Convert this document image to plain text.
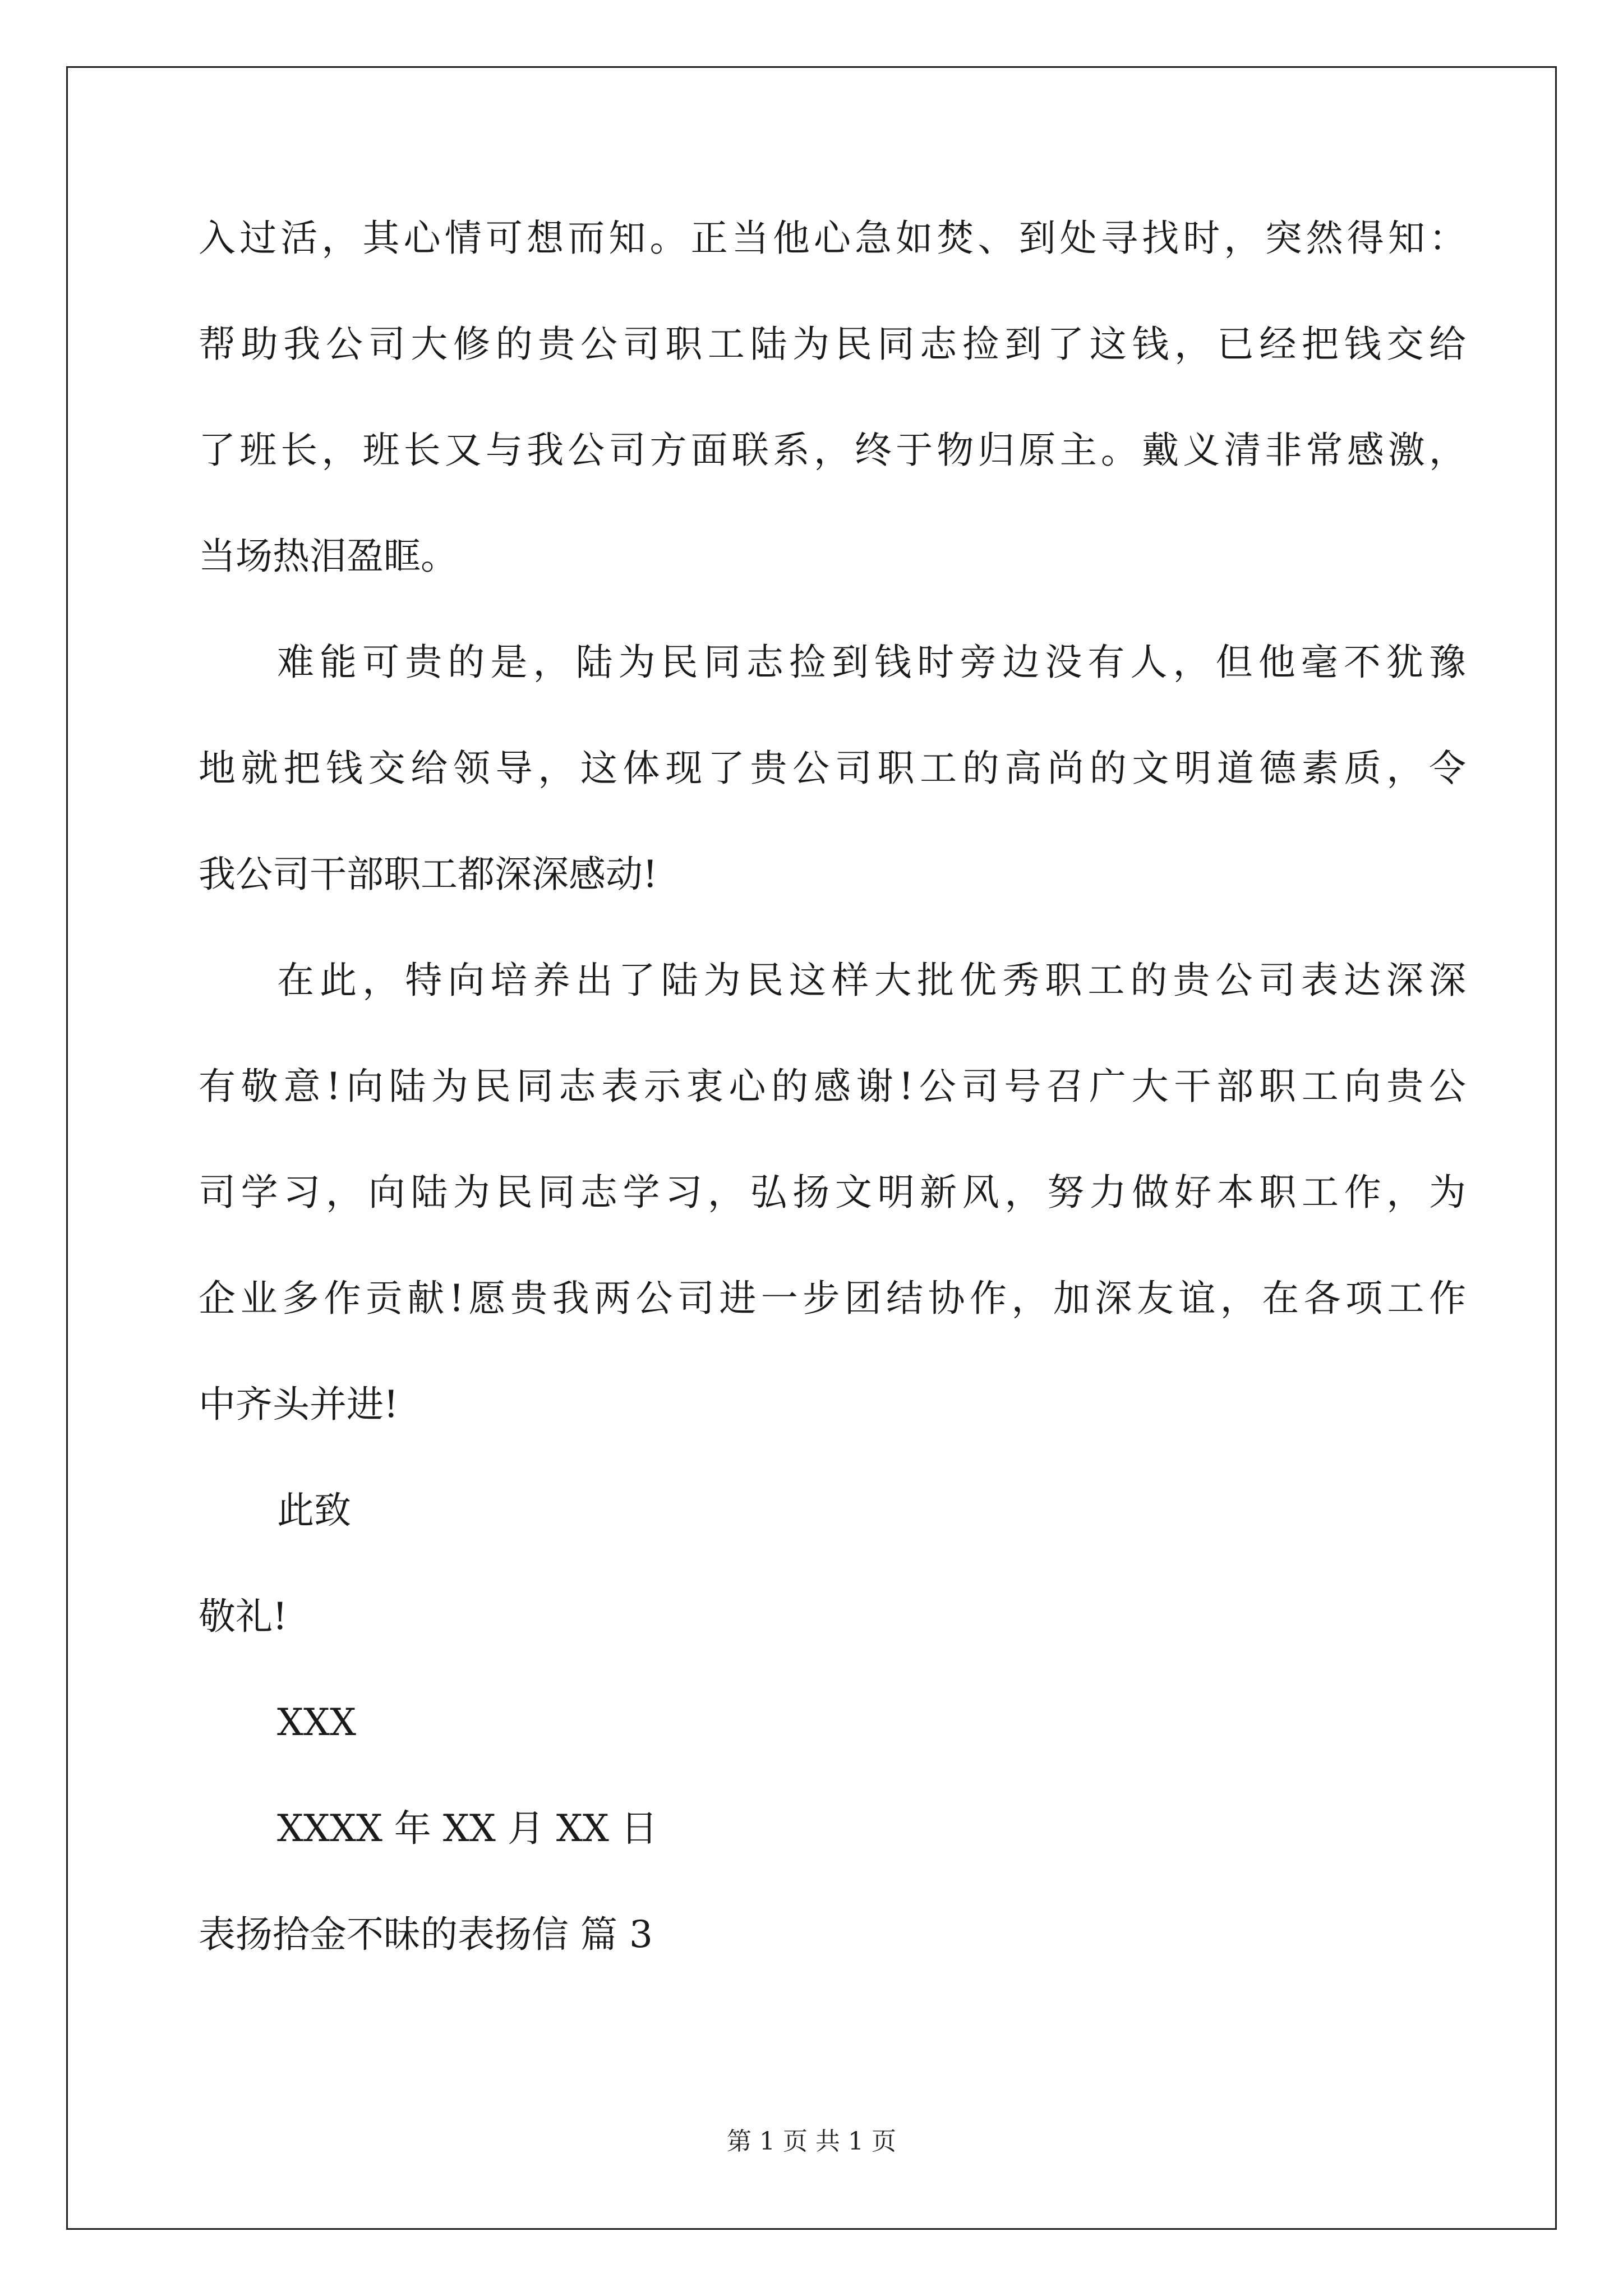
入过活，其心情可想而知。正当他心急如焚、到处寻找时，突然得知：
帮助我公司大修的贵公司职工陆为民同志捡到了这钱，已经把钱交给
了班长，班长又与我公司方面联系，终于物归原主。戴义清非常感激，
当场热泪盈眶。
难能可贵的是，陆为民同志捡到钱时旁边没有人，但他毫不犹豫
地就把钱交给领导，这体现了贵公司职工的高尚的文明道德素质，令
我公司干部职工都深深感动!
在此，特向培养出了陆为民这样大批优秀职工的贵公司表达深深
有敬意!向陆为民同志表示衷心的感谢!公司号召广大干部职工向贵公
司学习，向陆为民同志学习，弘扬文明新风，努力做好本职工作，为
企业多作贡献!愿贵我两公司进一步团结协作，加深友谊，在各项工作
中齐头并进!
此致
敬礼!
XXX
XXXX 年 XX 月 XX 日
表扬拾金不昧的表扬信 篇 3
第 1 页 共 1 页
